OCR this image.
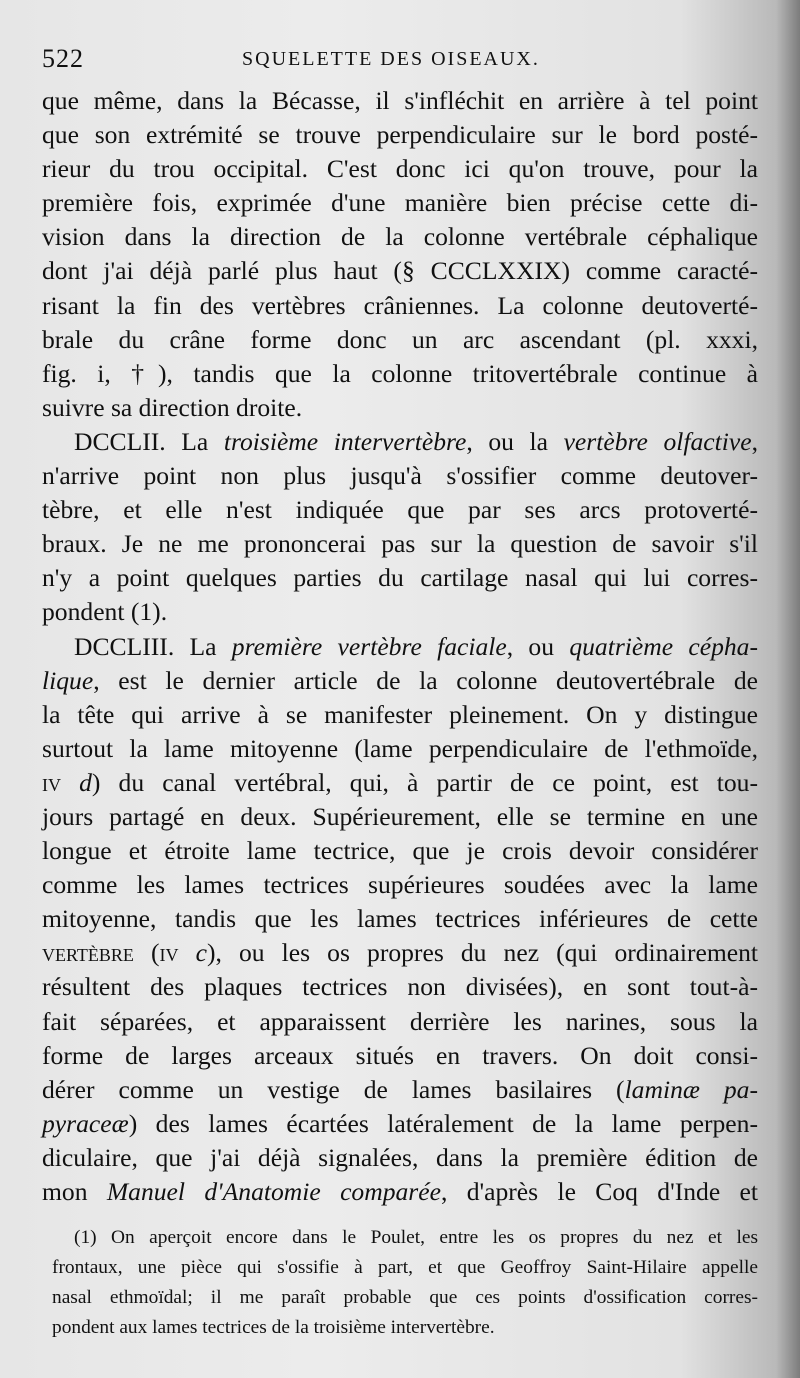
522	SQUELETTE DES OISEAUX.
que même, dans la Bécasse, il s'infléchit en arrière à tel point
que son extrémité se trouve perpendiculaire sur le bord posté-
rieur du trou occipital. C'est donc ici qu'on trouve, pour la
première fois, exprimée d'une manière bien précise cette di-
vision dans la direction de la colonne vertébrale céphalique
dont j'ai déjà parlé plus haut (§ CCCLXXIX) comme caracté-
risant la fin des vertèbres crâniennes. La colonne deutoverté-
brale du crâne forme donc un arc ascendant (pl. xxxi,
fig. i, †), tandis que la colonne tritovertébrale continue à
suivre sa direction droite.
DCCLII. La troisième intervertèbre, ou la vertèbre olfactive,
n'arrive point non plus jusqu'à s'ossifier comme deutover-
tèbre, et elle n'est indiquée que par ses arcs protoverté-
braux. Je ne me prononcerai pas sur la question de savoir s'il
n'y a point quelques parties du cartilage nasal qui lui corres-
pondent (1).
DCCLIII. La première vertèbre faciale, ou quatrième cépha-
lique, est le dernier article de la colonne deutovertébrale de
la tête qui arrive à se manifester pleinement. On y distingue
surtout la lame mitoyenne (lame perpendiculaire de l'ethmoïde,
iv d) du canal vertébral, qui, à partir de ce point, est tou-
jours partagé en deux. Supérieurement, elle se termine en une
longue et étroite lame tectrice, que je crois devoir considérer
comme les lames tectrices supérieures soudées avec la lame
mitoyenne, tandis que les lames tectrices inférieures de cette
vertèbre (iv c), ou les os propres du nez (qui ordinairement
résultent des plaques tectrices non divisées), en sont tout-à-
fait séparées, et apparaissent derrière les narines, sous la
forme de larges arceaux situés en travers. On doit consi-
dérer comme un vestige de lames basilaires (laminæ pa-
pyraceæ) des lames écartées latéralement de la lame perpen-
diculaire, que j'ai déjà signalées, dans la première édition de
mon Manuel d'Anatomie comparée, d'après le Coq d'Inde et
(1) On aperçoit encore dans le Poulet, entre les os propres du nez et les
frontaux, une pièce qui s'ossifie à part, et que Geoffroy Saint-Hilaire appelle
nasal ethmoïdal; il me paraît probable que ces points d'ossification corres-
pondent aux lames tectrices de la troisième intervertèbre.
